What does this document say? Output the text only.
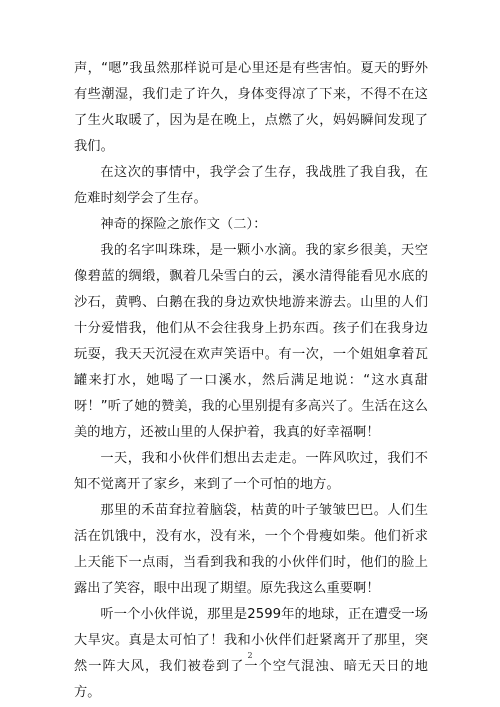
声，“嗯”我虽然那样说可是心里还是有些害怕。夏天的野外有些潮湿，我们走了许久，身体变得凉了下来，不得不在这了生火取暖了，因为是在晚上，点燃了火，妈妈瞬间发现了我们。

在这次的事情中，我学会了生存，我战胜了我自我，在危难时刻学会了生存。

神奇的探险之旅作文（二）：

我的名字叫珠珠，是一颗小水滴。我的家乡很美，天空像碧蓝的绸缎，飘着几朵雪白的云，溪水清得能看见水底的沙石，黄鸭、白鹅在我的身边欢快地游来游去。山里的人们十分爱惜我，他们从不会往我身上扔东西。孩子们在我身边玩耍，我天天沉浸在欢声笑语中。有一次，一个姐姐拿着瓦罐来打水，她喝了一口溪水，然后满足地说：“这水真甜呀！”听了她的赞美，我的心里别提有多高兴了。生活在这么美的地方，还被山里的人保护着，我真的好幸福啊！

一天，我和小伙伴们想出去走走。一阵风吹过，我们不知不觉离开了家乡，来到了一个可怕的地方。

那里的禾苗耷拉着脑袋，枯黄的叶子皱皱巴巴。人们生活在饥饿中，没有水，没有米，一个个骨瘦如柴。他们祈求上天能下一点雨，当看到我和我的小伙伴们时，他们的脸上露出了笑容，眼中出现了期望。原先我这么重要啊！

听一个小伙伴说，那里是2599年的地球，正在遭受一场大旱灾。真是太可怕了！我和小伙伴们赶紧离开了那里，突然一阵大风，我们被卷到了一个空气混浊、暗无天日的地方。

2
